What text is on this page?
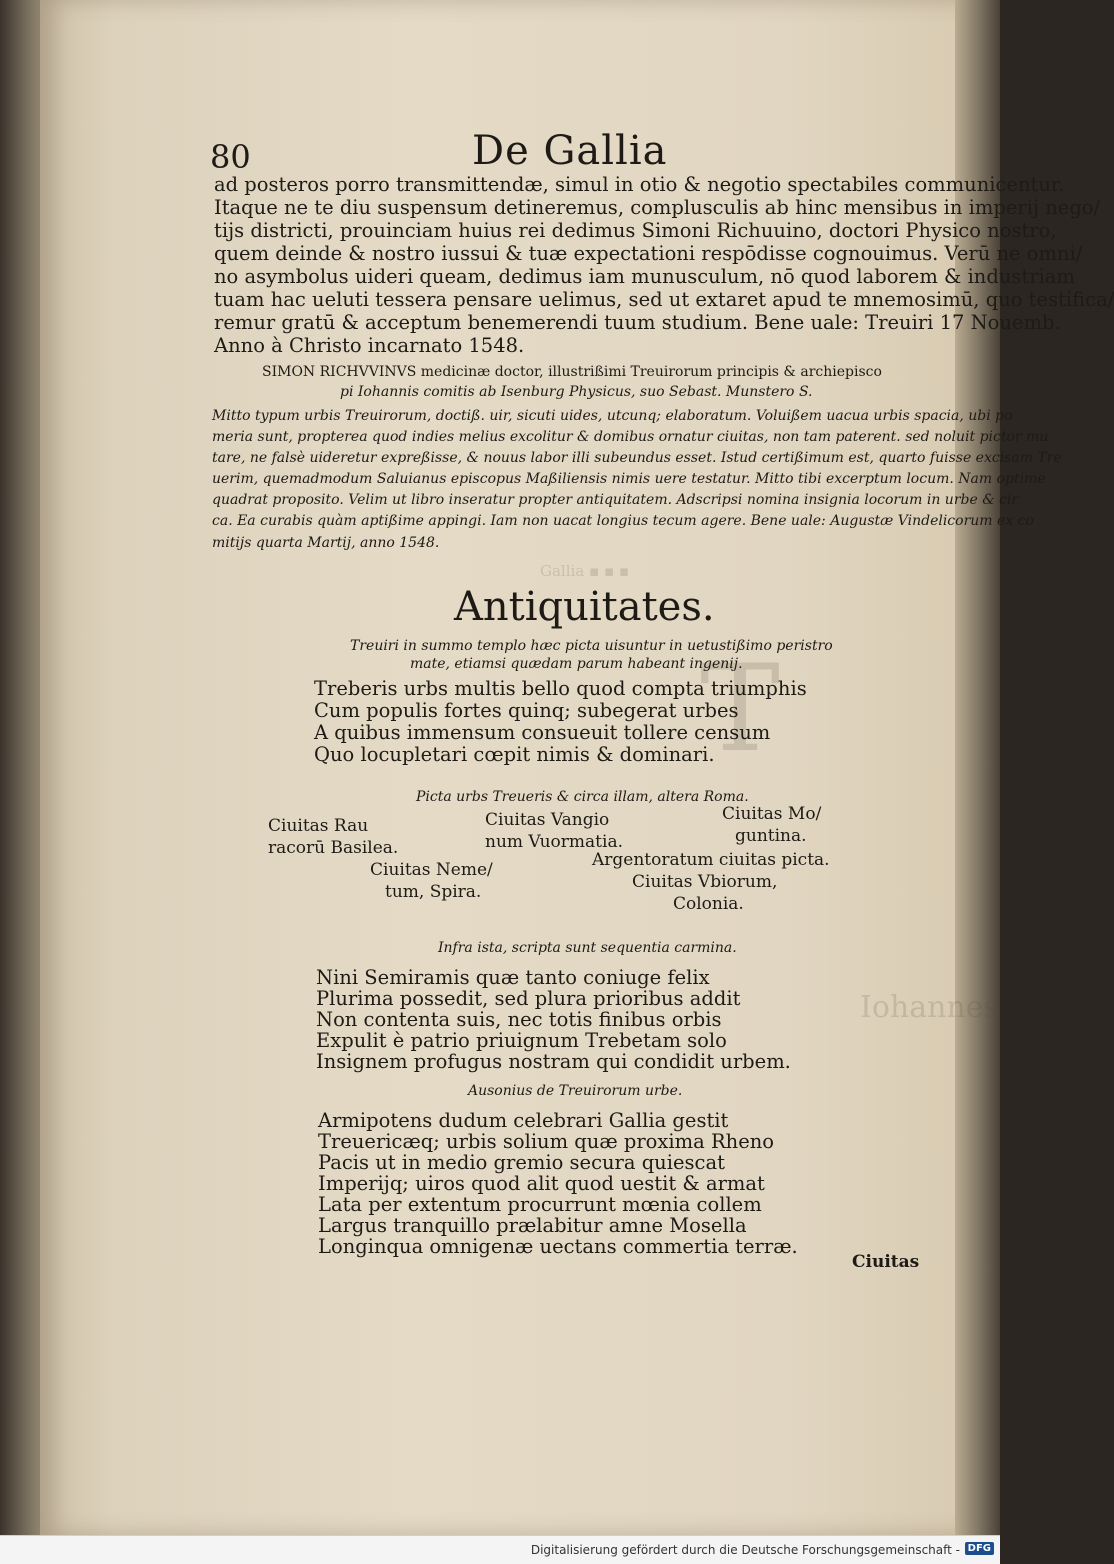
Gallia ▪ ▪ ▪
T
Iohannes
80	De Gallia
ad posteros porro transmittendæ, simul in otio & negotio spectabiles communicentur.
Itaque ne te diu suspensum detineremus, complusculis ab hinc mensibus in imperij nego/
tijs districti, prouinciam huius rei dedimus Simoni Richuuino, doctori Physico nostro,
quem deinde & nostro iussui & tuæ expectationi respōdisse cognouimus. Verū ne omni/
no asymbolus uideri queam, dedimus iam munusculum, nō quod laborem & industriam
tuam hac ueluti tessera pensare uelimus, sed ut extaret apud te mnemosimū, quo testifica/
remur gratū & acceptum benemerendi tuum studium. Bene uale: Treuiri 17 Nouemb.
Anno à Christo incarnato 1548.
SIMON RICHVVINVS medicinæ doctor, illustrißimi Treuirorum principis & archiepisco
pi Iohannis comitis ab Isenburg Physicus, suo Sebast. Munstero S.
Mitto typum urbis Treuirorum, doctiß. uir, sicuti uides, utcunq; elaboratum. Voluißem uacua urbis spacia, ubi po
meria sunt, propterea quod indies melius excolitur & domibus ornatur ciuitas, non tam paterent. sed noluit pictor mu
tare, ne falsè uideretur expreßisse, & nouus labor illi subeundus esset. Istud certißimum est, quarto fuisse excisam Tre
uerim, quemadmodum Saluianus episcopus Maßiliensis nimis uere testatur. Mitto tibi excerptum locum. Nam optime
quadrat proposito. Velim ut libro inseratur propter antiquitatem. Adscripsi nomina insignia locorum in urbe & cir
ca. Ea curabis quàm aptißime appingi. Iam non uacat longius tecum agere. Bene uale: Augustæ Vindelicorum ex co
mitijs quarta Martij, anno 1548.
Antiquitates.
Treuiri in summo templo hæc picta uisuntur in uetustißimo peristro
mate, etiamsi quædam parum habeant ingenij.
Treberis urbs multis bello quod compta triumphis
Cum populis fortes quinq; subegerat urbes
A quibus immensum consueuit tollere censum
Quo locupletari cœpit nimis & dominari.
Picta urbs Treueris & circa illam, altera Roma.
Ciuitas Rau
racorū Basilea.
Ciuitas Vangio
num Vuormatia.
Ciuitas Mo/
guntina.
Ciuitas Neme/
tum, Spira.
Argentoratum ciuitas picta.
Ciuitas Vbiorum,
Colonia.
Infra ista, scripta sunt sequentia carmina.
Nini Semiramis quæ tanto coniuge felix
Plurima possedit, sed plura prioribus addit
Non contenta suis, nec totis finibus orbis
Expulit è patrio priuignum Trebetam solo
Insignem profugus nostram qui condidit urbem.
Ausonius de Treuirorum urbe.
Armipotens dudum celebrari Gallia gestit
Treuericæq; urbis solium quæ proxima Rheno
Pacis ut in medio gremio secura quiescat
Imperijq; uiros quod alit quod uestit & armat
Lata per extentum procurrunt mœnia collem
Largus tranquillo prælabitur amne Mosella
Longinqua omnigenæ uectans commertia terræ.
Ciuitas
Digitalisierung gefördert durch die Deutsche Forschungsgemeinschaft - DFG
